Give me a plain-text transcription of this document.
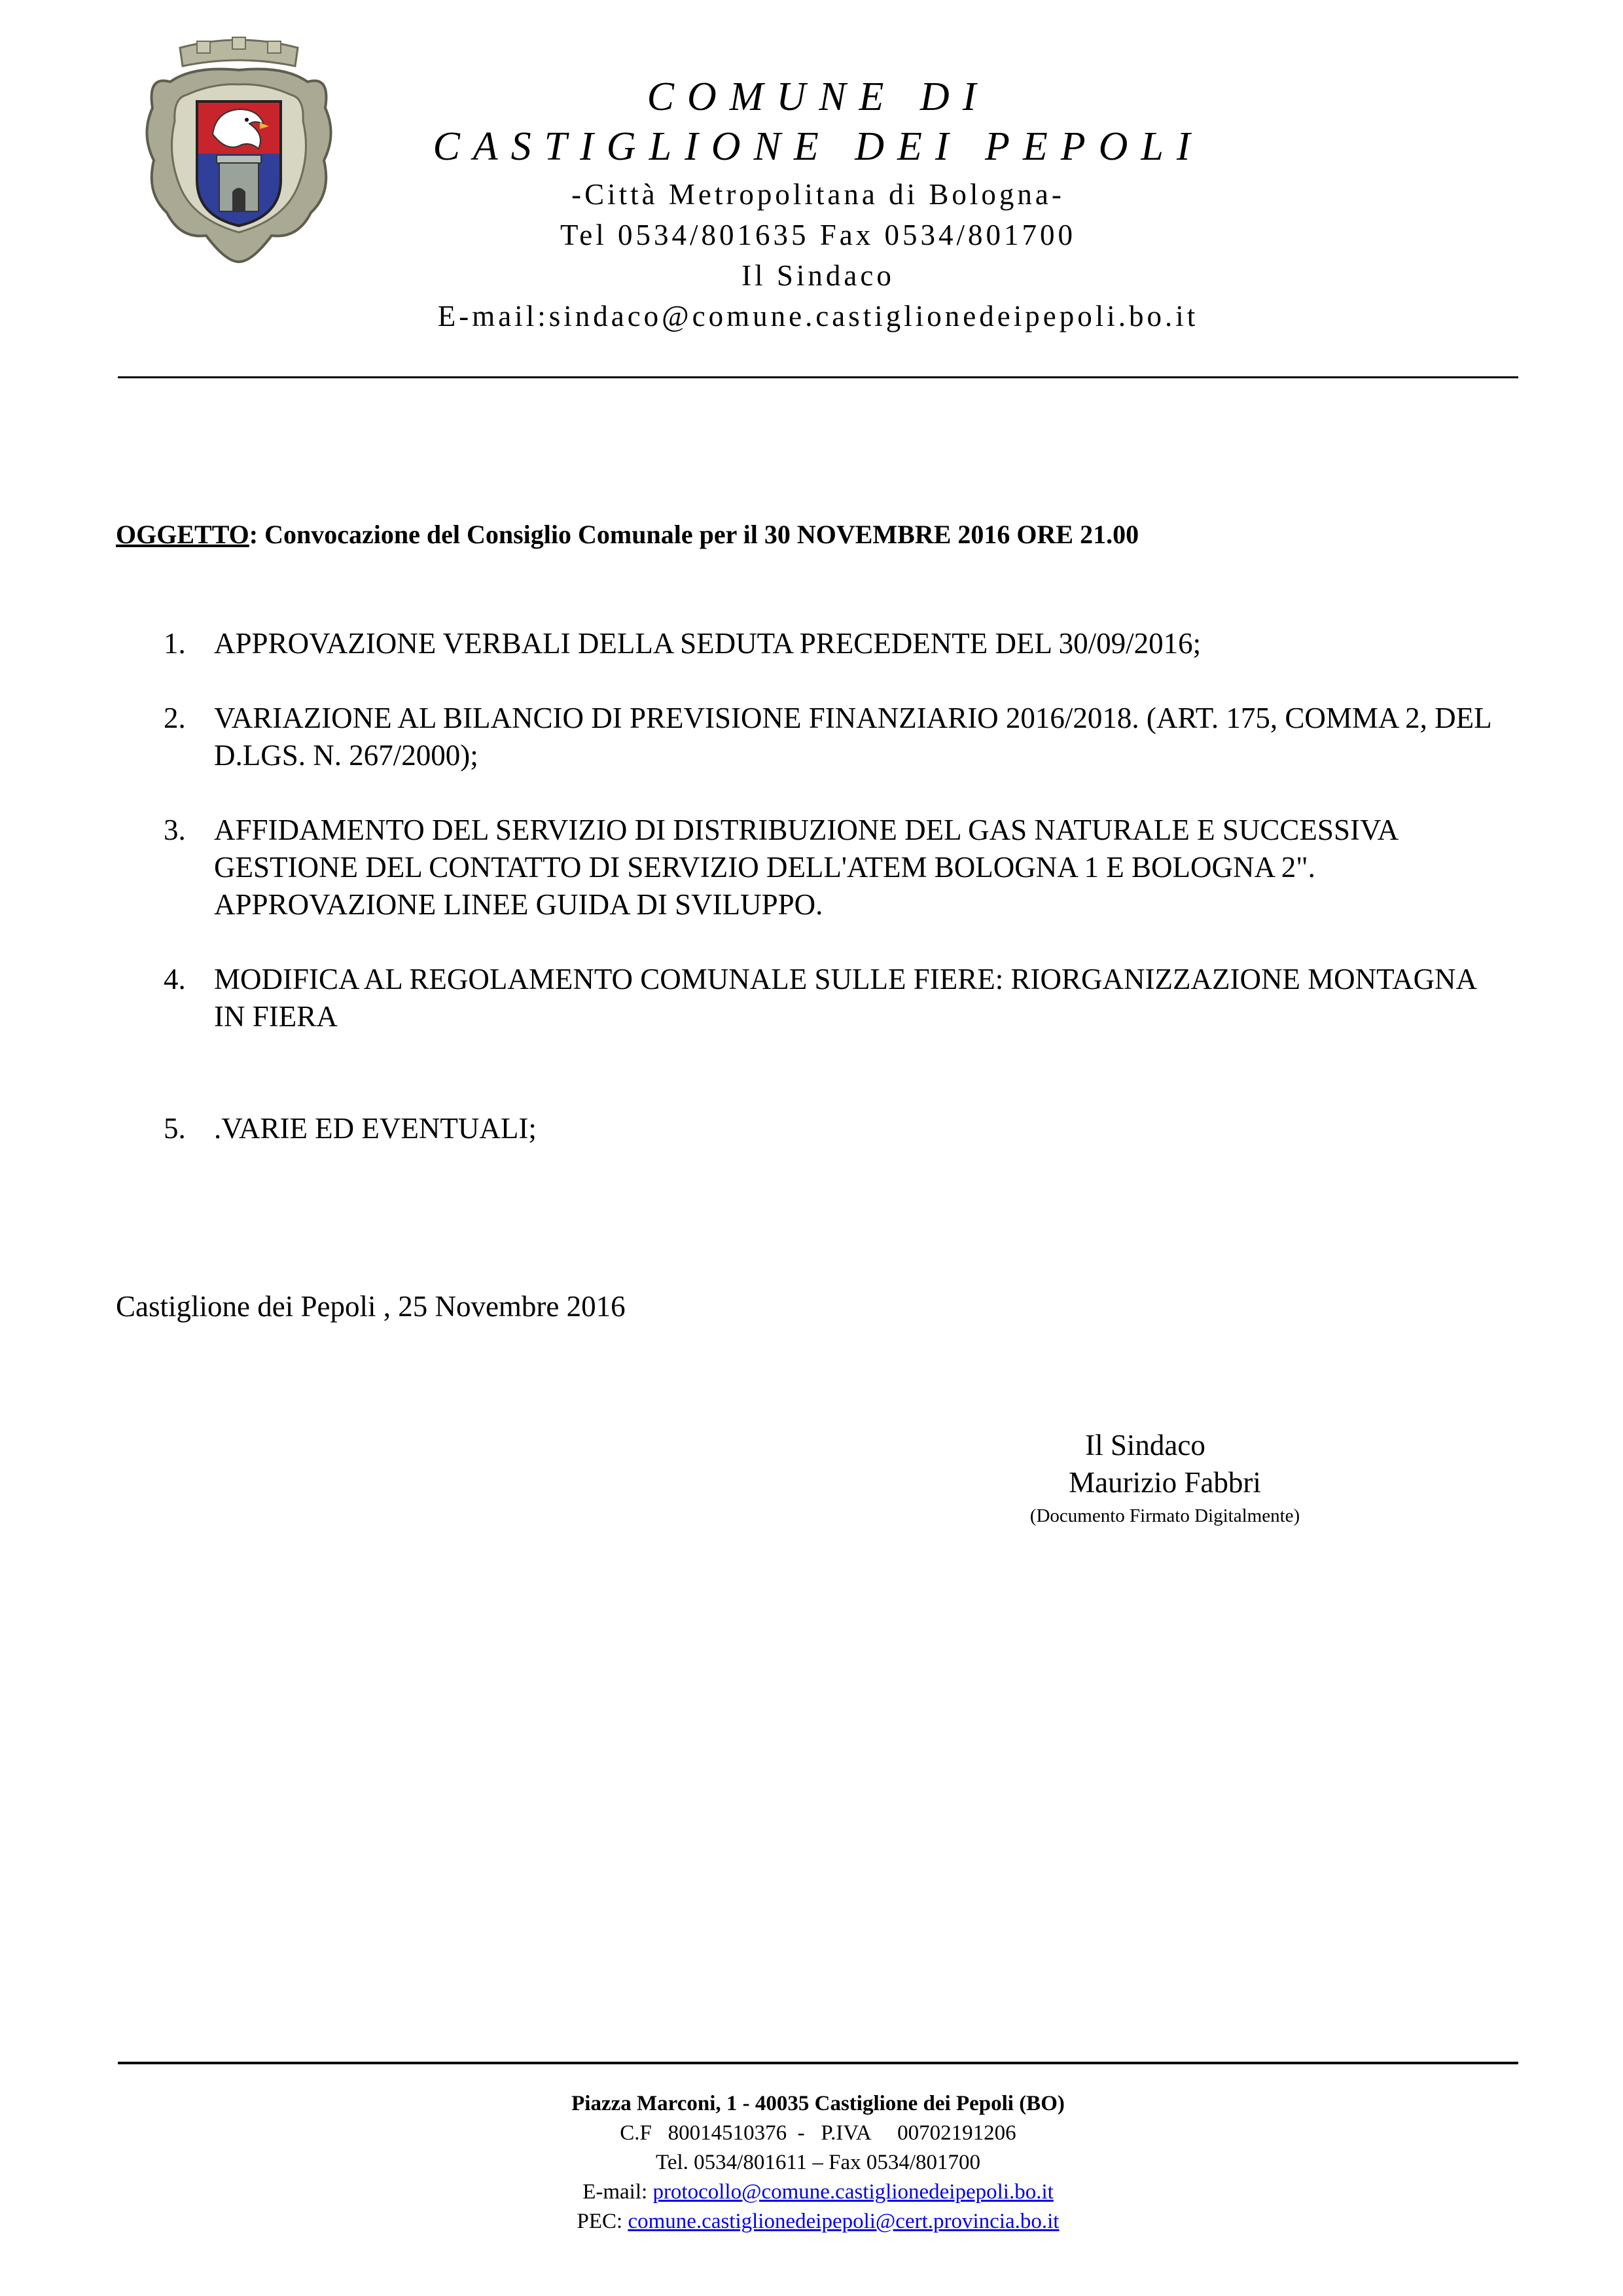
COMUNE DI
CASTIGLIONE DEI PEPOLI
-Città Metropolitana di Bologna-
Tel 0534/801635 Fax 0534/801700
Il Sindaco
E-mail:sindaco@comune.castiglionedeipepoli.bo.it
OGGETTO: Convocazione del Consiglio Comunale per il 30 NOVEMBRE 2016 ORE 21.00
1. APPROVAZIONE VERBALI DELLA SEDUTA PRECEDENTE DEL 30/09/2016;
2. VARIAZIONE AL BILANCIO DI PREVISIONE FINANZIARIO 2016/2018. (ART. 175, COMMA 2, DEL D.LGS. N. 267/2000);
3. AFFIDAMENTO DEL SERVIZIO DI DISTRIBUZIONE DEL GAS NATURALE E SUCCESSIVA GESTIONE DEL CONTATTO DI SERVIZIO DELL'ATEM BOLOGNA 1 E BOLOGNA 2". APPROVAZIONE LINEE GUIDA DI SVILUPPO.
4. MODIFICA AL REGOLAMENTO COMUNALE SULLE FIERE: RIORGANIZZAZIONE MONTAGNA IN FIERA
5. .VARIE ED EVENTUALI;
Castiglione dei Pepoli , 25 Novembre 2016
Il Sindaco
Maurizio Fabbri
(Documento Firmato Digitalmente)
Piazza Marconi, 1 - 40035 Castiglione dei Pepoli (BO)
C.F   80014510376  -   P.IVA     00702191206
Tel. 0534/801611 – Fax 0534/801700
E-mail: protocollo@comune.castiglionedeipepoli.bo.it
PEC: comune.castiglionedeipepoli@cert.provincia.bo.it
